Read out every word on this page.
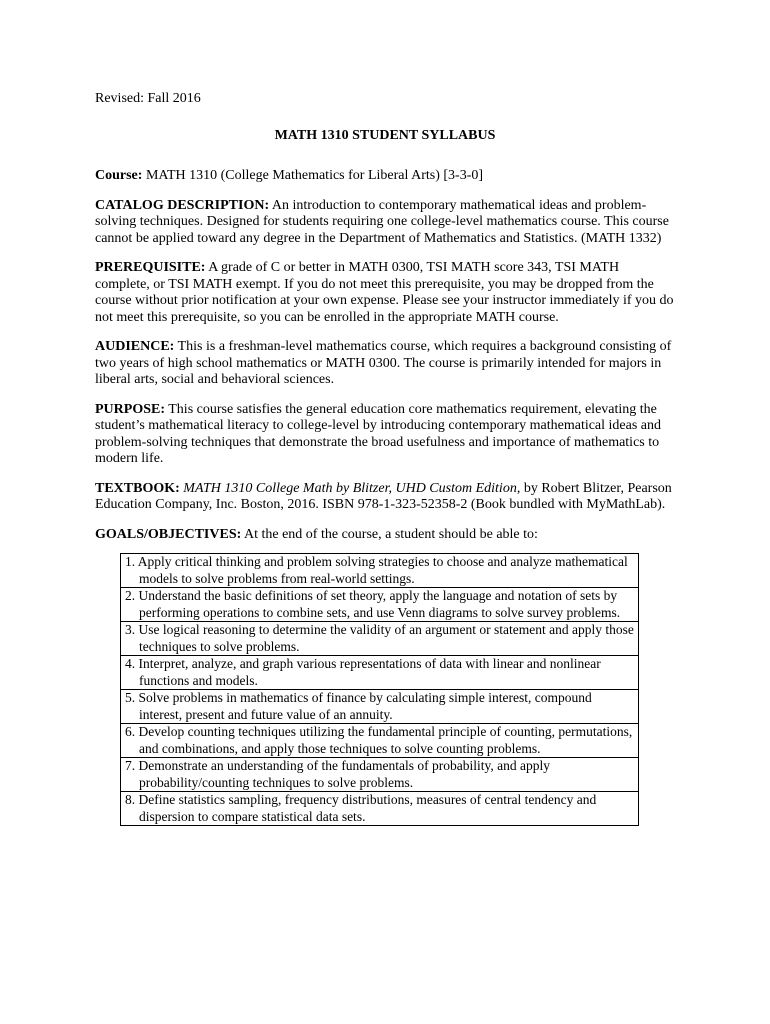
Revised: Fall 2016

MATH 1310 STUDENT SYLLABUS

Course: MATH 1310 (College Mathematics for Liberal Arts) [3-3-0]

CATALOG DESCRIPTION: An introduction to contemporary mathematical ideas and problem-solving techniques. Designed for students requiring one college-level mathematics course. This course cannot be applied toward any degree in the Department of Mathematics and Statistics. (MATH 1332)

PREREQUISITE: A grade of C or better in MATH 0300, TSI MATH score 343, TSI MATH complete, or TSI MATH exempt. If you do not meet this prerequisite, you may be dropped from the course without prior notification at your own expense. Please see your instructor immediately if you do not meet this prerequisite, so you can be enrolled in the appropriate MATH course.

AUDIENCE: This is a freshman-level mathematics course, which requires a background consisting of two years of high school mathematics or MATH 0300. The course is primarily intended for majors in liberal arts, social and behavioral sciences.

PURPOSE: This course satisfies the general education core mathematics requirement, elevating the student’s mathematical literacy to college-level by introducing contemporary mathematical ideas and problem-solving techniques that demonstrate the broad usefulness and importance of mathematics to modern life.

TEXTBOOK: MATH 1310 College Math by Blitzer, UHD Custom Edition, by Robert Blitzer, Pearson Education Company, Inc. Boston, 2016. ISBN 978-1-323-52358-2 (Book bundled with MyMathLab).

GOALS/OBJECTIVES: At the end of the course, a student should be able to:

1. Apply critical thinking and problem solving strategies to choose and analyze mathematical models to solve problems from real-world settings.
2. Understand the basic definitions of set theory, apply the language and notation of sets by performing operations to combine sets, and use Venn diagrams to solve survey problems.
3. Use logical reasoning to determine the validity of an argument or statement and apply those techniques to solve problems.
4. Interpret, analyze, and graph various representations of data with linear and nonlinear functions and models.
5. Solve problems in mathematics of finance by calculating simple interest, compound interest, present and future value of an annuity.
6. Develop counting techniques utilizing the fundamental principle of counting, permutations, and combinations, and apply those techniques to solve counting problems.
7. Demonstrate an understanding of the fundamentals of probability, and apply probability/counting techniques to solve problems.
8. Define statistics sampling, frequency distributions, measures of central tendency and dispersion to compare statistical data sets.
